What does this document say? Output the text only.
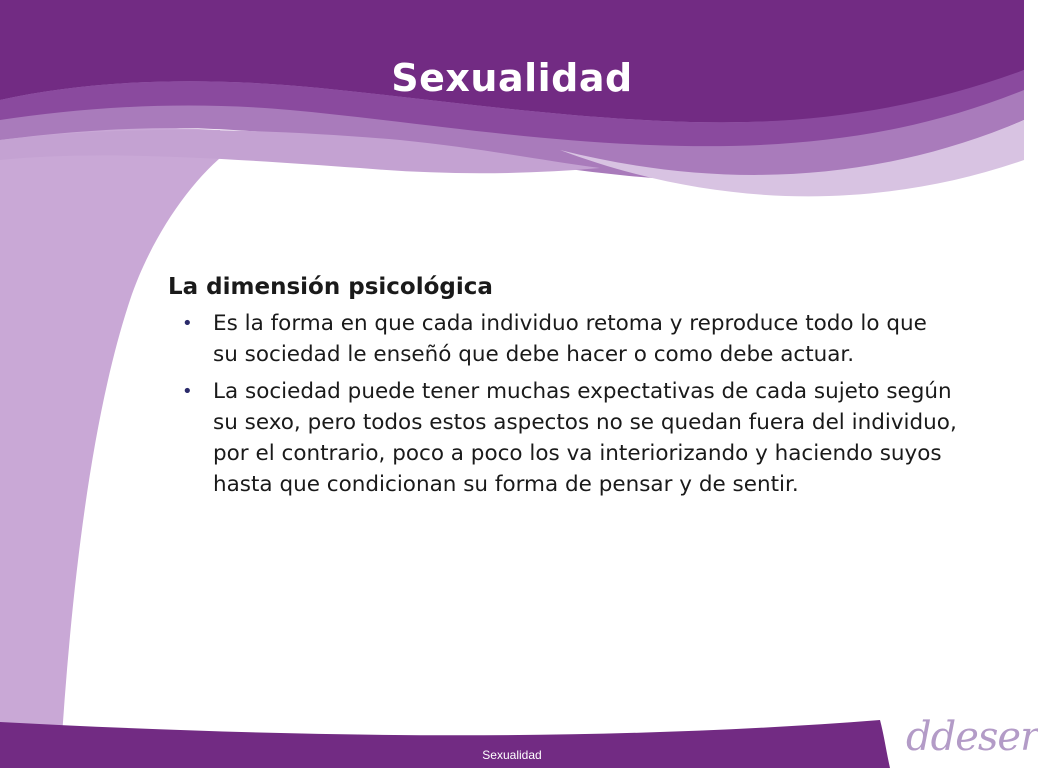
Sexualidad
La dimensión psicológica
• Es la forma en que cada individuo retoma y reproduce todo lo que su sociedad le enseñó que debe hacer o como debe actuar.
• La sociedad puede tener muchas expectativas de cada sujeto según su sexo, pero todos estos aspectos no se quedan fuera del individuo, por el contrario, poco a poco los va interiorizando y haciendo suyos hasta que condicionan su forma de pensar y de sentir.
Sexualidad	ddeser
